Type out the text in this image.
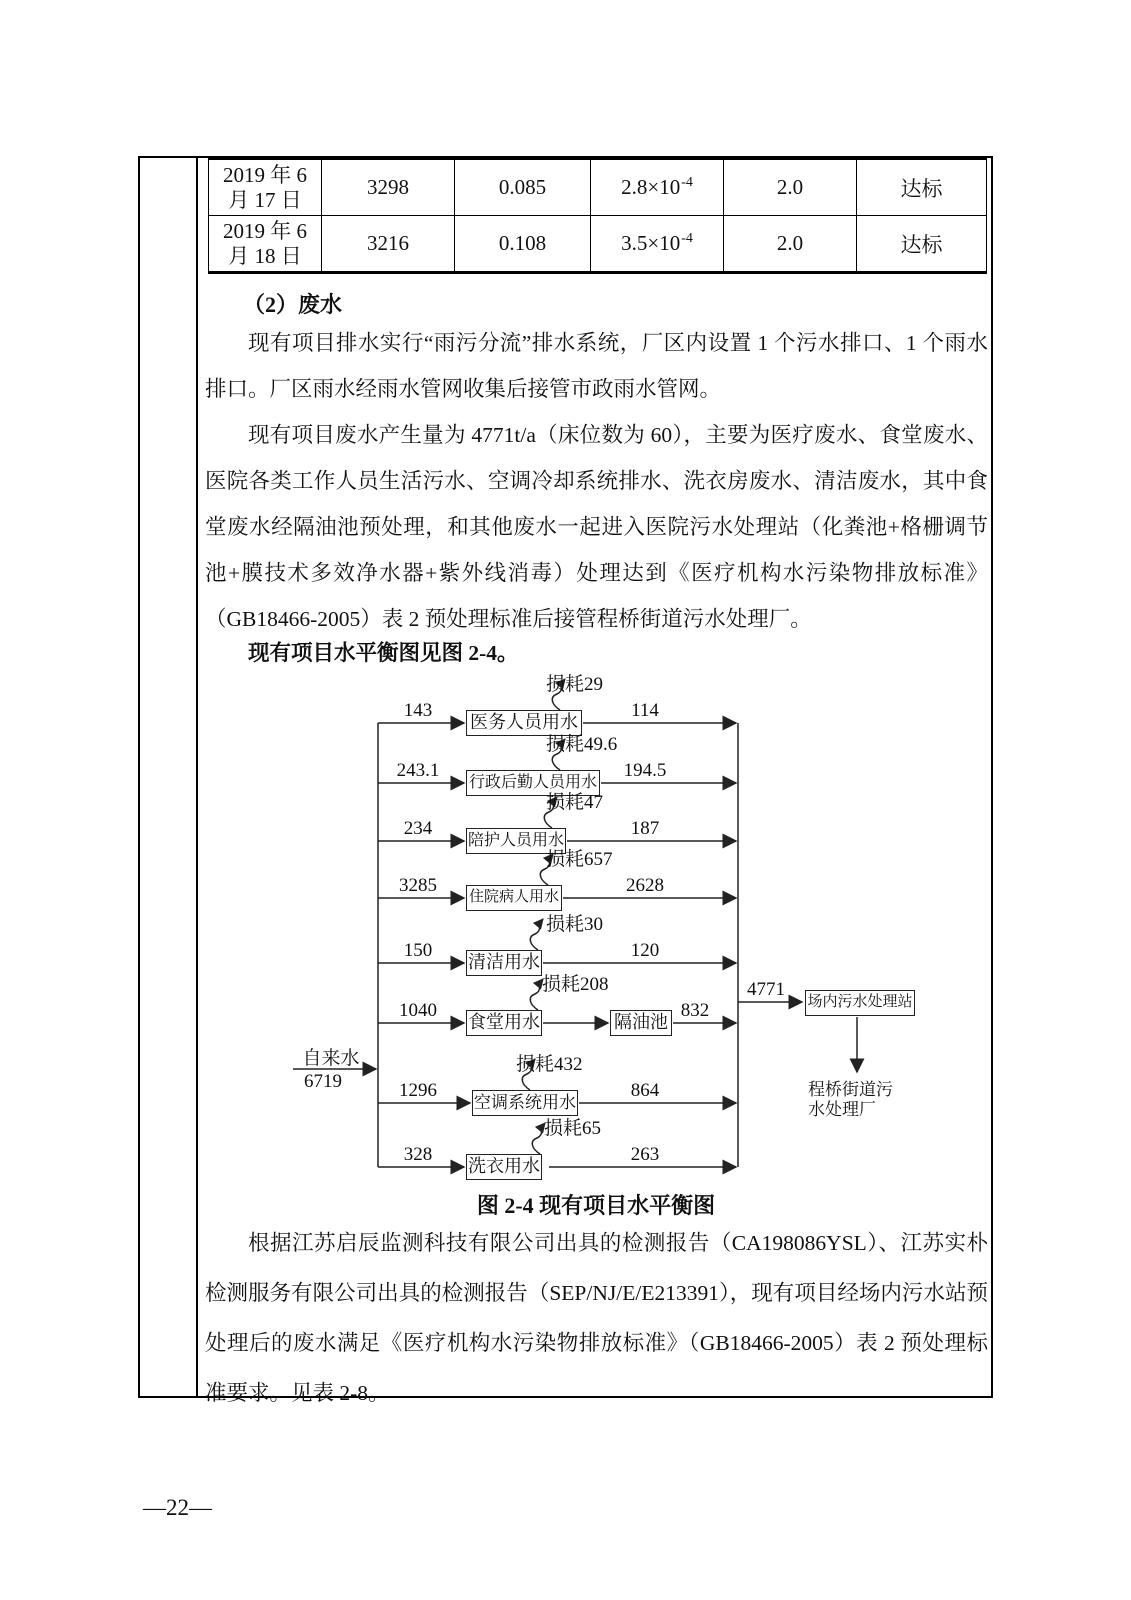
2019 年 6
月 17 日
3298	0.085	$2.8\times 10^{-4}$	2.0	达标
2019 年 6
月 18 日
3216	0.108	$3.5\times 10^{-4}$	2.0	达标
（2）废水

现有项目排水实行“雨污分流”排水系统，厂区内设置 1 个污水排口、1 个雨水排口。厂区雨水经雨水管网收集后接管市政雨水管网。

现有项目废水产生量为 4771t/a（床位数为 60），主要为医疗废水、食堂废水、医院各类工作人员生活污水、空调冷却系统排水、洗衣房废水、清洁废水，其中食堂废水经隔油池预处理，和其他废水一起进入医院污水处理站（化粪池+格栅调节池+膜技术多效净水器+紫外线消毒）处理达到《医疗机构水污染物排放标准》（GB18466-2005）表 2 预处理标准后接管程桥街道污水处理厂。

现有项目水平衡图见图 2-4。

自来水
6719
143
243.1
234
3285
150
1040
1296
328
医务人员用水
行政后勤人员用水
陪护人员用水
住院病人用水
清洁用水
食堂用水	隔油池
空调系统用水
洗衣用水
114
194.5
187
2628
120
832
864
263
损耗29
损耗49.6
损耗47
损耗657
损耗30
损耗208
损耗432
损耗65
4771
场内污水处理站
程桥街道污
水处理厂
图 2-4 现有项目水平衡图

根据江苏启辰监测科技有限公司出具的检测报告（CA198086YSL）、江苏实朴检测服务有限公司出具的检测报告（SEP/NJ/E/E213391），现有项目经场内污水站预处理后的废水满足《医疗机构水污染物排放标准》（GB18466-2005）表 2 预处理标准要求。见表 2-8。

—22—
